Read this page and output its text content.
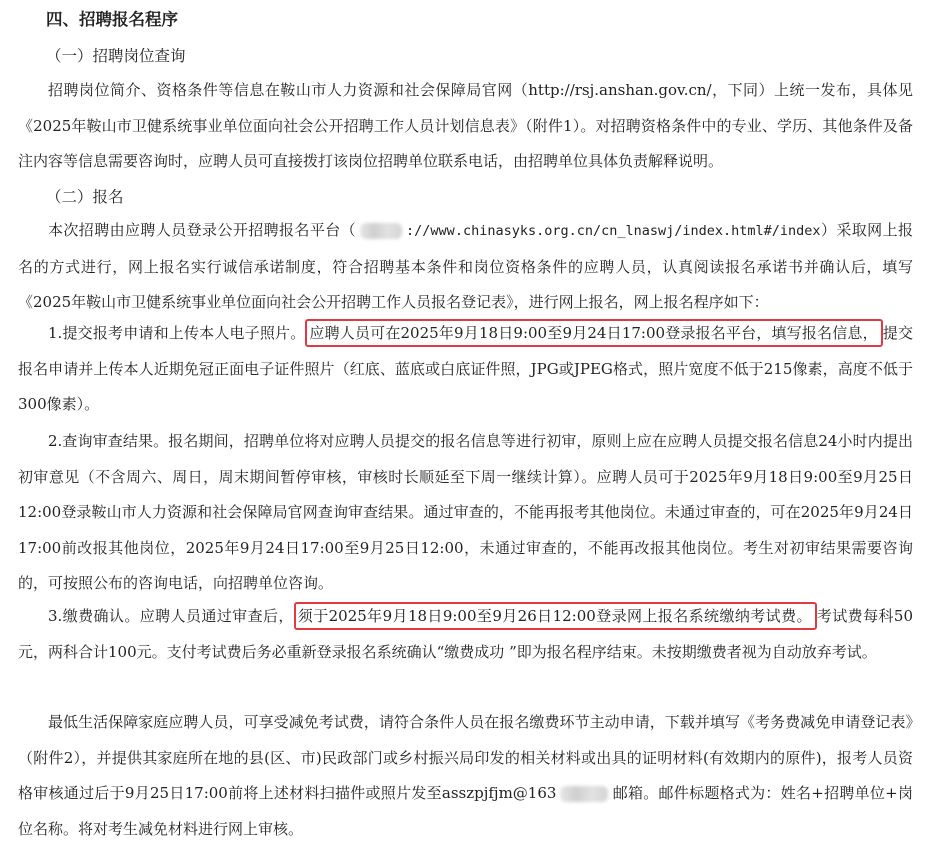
四、招聘报名程序

（一）招聘岗位查询

招聘岗位简介、资格条件等信息在鞍山市人力资源和社会保障局官网（http://rsj.anshan.gov.cn/，下同）上统一发布，具体见《2025年鞍山市卫健系统事业单位面向社会公开招聘工作人员计划信息表》（附件1）。对招聘资格条件中的专业、学历、其他条件及备注内容等信息需要咨询时，应聘人员可直接拨打该岗位招聘单位联系电话，由招聘单位具体负责解释说明。

（二）报名

本次招聘由应聘人员登录公开招聘报名平台（	://www.chinasyks.org.cn/cn_lnaswj/index.html#/index）采取网上报名的方式进行，网上报名实行诚信承诺制度，符合招聘基本条件和岗位资格条件的应聘人员，认真阅读报名承诺书并确认后，填写《2025年鞍山市卫健系统事业单位面向社会公开招聘工作人员报名登记表》，进行网上报名，网上报名程序如下：

1.提交报考申请和上传本人电子照片。 应聘人员可在2025年9月18日9:00至9月24日17:00登录报名平台，填写报名信息， 提交报名申请并上传本人近期免冠正面电子证件照片（红底、蓝底或白底证件照，JPG或JPEG格式，照片宽度不低于215像素，高度不低于300像素）。

2.查询审查结果。报名期间，招聘单位将对应聘人员提交的报名信息等进行初审，原则上应在应聘人员提交报名信息24小时内提出初审意见（不含周六、周日，周末期间暂停审核，审核时长顺延至下周一继续计算）。应聘人员可于2025年9月18日9:00至9月25日12:00登录鞍山市人力资源和社会保障局官网查询审查结果。通过审查的，不能再报考其他岗位。未通过审查的，可在2025年9月24日17:00前改报其他岗位，2025年9月24日17:00至9月25日12:00，未通过审查的，不能再改报其他岗位。考生对初审结果需要咨询的，可按照公布的咨询电话，向招聘单位咨询。

3.缴费确认。应聘人员通过审查后， 须于2025年9月18日9:00至9月26日12:00登录网上报名系统缴纳考试费。 考试费每科50元，两科合计100元。支付考试费后务必重新登录报名系统确认“缴费成功 ”即为报名程序结束。未按期缴费者视为自动放弃考试。

最低生活保障家庭应聘人员，可享受减免考试费，请符合条件人员在报名缴费环节主动申请，下载并填写《考务费减免申请登记表》（附件2），并提供其家庭所在地的县(区、市)民政部门或乡村振兴局印发的相关材料或出具的证明材料(有效期内的原件)，报考人员资格审核通过后于9月25日17:00前将上述材料扫描件或照片发至asszpjfjm@163	邮箱。邮件标题格式为：姓名+招聘单位+岗位名称。将对考生减免材料进行网上审核。
